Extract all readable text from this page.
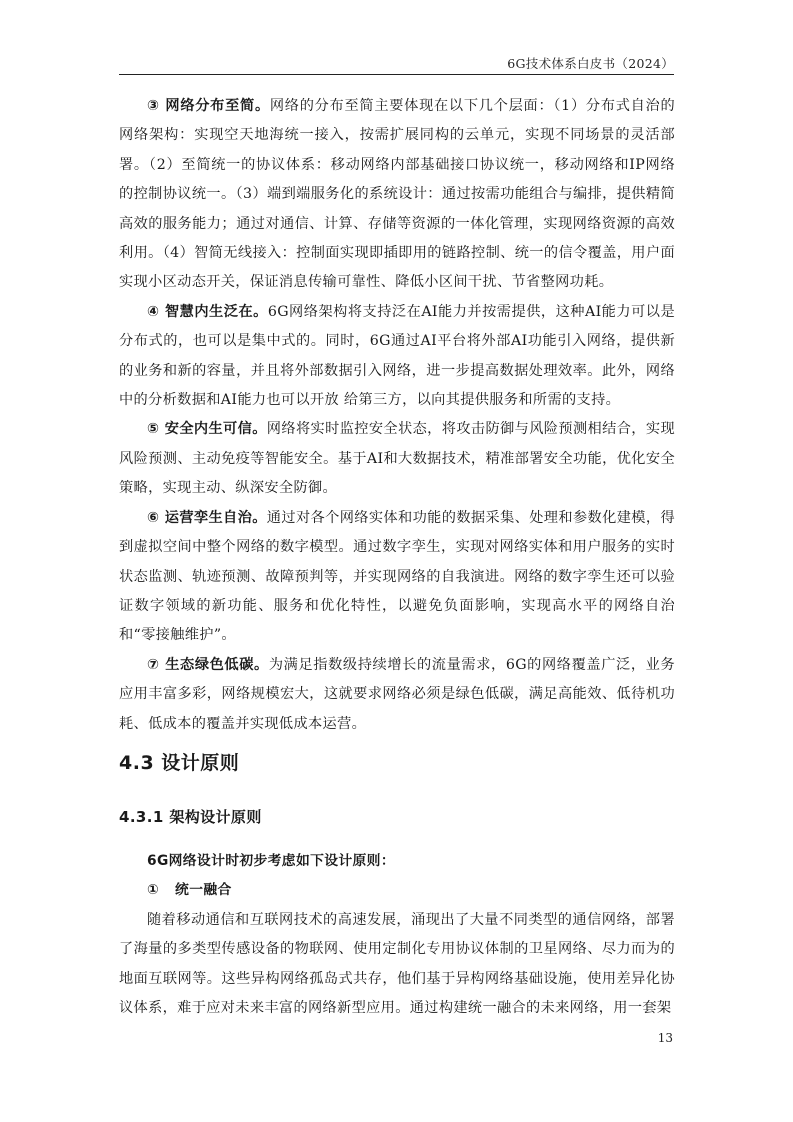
6G技术体系白皮书（2024）

③ 网络分布至简。网络的分布至简主要体现在以下几个层面：（1）分布式自治的网络架构：实现空天地海统一接入，按需扩展同构的云单元，实现不同场景的灵活部署。（2）至简统一的协议体系：移动网络内部基础接口协议统一，移动网络和IP网络的控制协议统一。（3）端到端服务化的系统设计：通过按需功能组合与编排，提供精简高效的服务能力；通过对通信、计算、存储等资源的一体化管理，实现网络资源的高效利用。（4）智简无线接入：控制面实现即插即用的链路控制、统一的信令覆盖，用户面实现小区动态开关，保证消息传输可靠性、降低小区间干扰、节省整网功耗。

④ 智慧内生泛在。6G网络架构将支持泛在AI能力并按需提供，这种AI能力可以是分布式的，也可以是集中式的。同时，6G通过AI平台将外部AI功能引入网络，提供新的业务和新的容量，并且将外部数据引入网络，进一步提高数据处理效率。此外，网络中的分析数据和AI能力也可以开放 给第三方，以向其提供服务和所需的支持。

⑤ 安全内生可信。网络将实时监控安全状态，将攻击防御与风险预测相结合，实现风险预测、主动免疫等智能安全。基于AI和大数据技术，精准部署安全功能，优化安全策略，实现主动、纵深安全防御。

⑥ 运营孪生自治。通过对各个网络实体和功能的数据采集、处理和参数化建模，得到虚拟空间中整个网络的数字模型。通过数字孪生，实现对网络实体和用户服务的实时状态监测、轨迹预测、故障预判等，并实现网络的自我演进。网络的数字孪生还可以验证数字领域的新功能、服务和优化特性，以避免负面影响，实现高水平的网络自治和“零接触维护”。

⑦ 生态绿色低碳。为满足指数级持续增长的流量需求，6G的网络覆盖广泛，业务应用丰富多彩，网络规模宏大，这就要求网络必须是绿色低碳，满足高能效、低待机功耗、低成本的覆盖并实现低成本运营。

4.3 设计原则
4.3.1 架构设计原则

6G网络设计时初步考虑如下设计原则：

① 统一融合

随着移动通信和互联网技术的高速发展，涌现出了大量不同类型的通信网络，部署了海量的多类型传感设备的物联网、使用定制化专用协议体制的卫星网络、尽力而为的地面互联网等。这些异构网络孤岛式共存，他们基于异构网络基础设施，使用差异化协议体系，难于应对未来丰富的网络新型应用。通过构建统一融合的未来网络，用一套架

13
